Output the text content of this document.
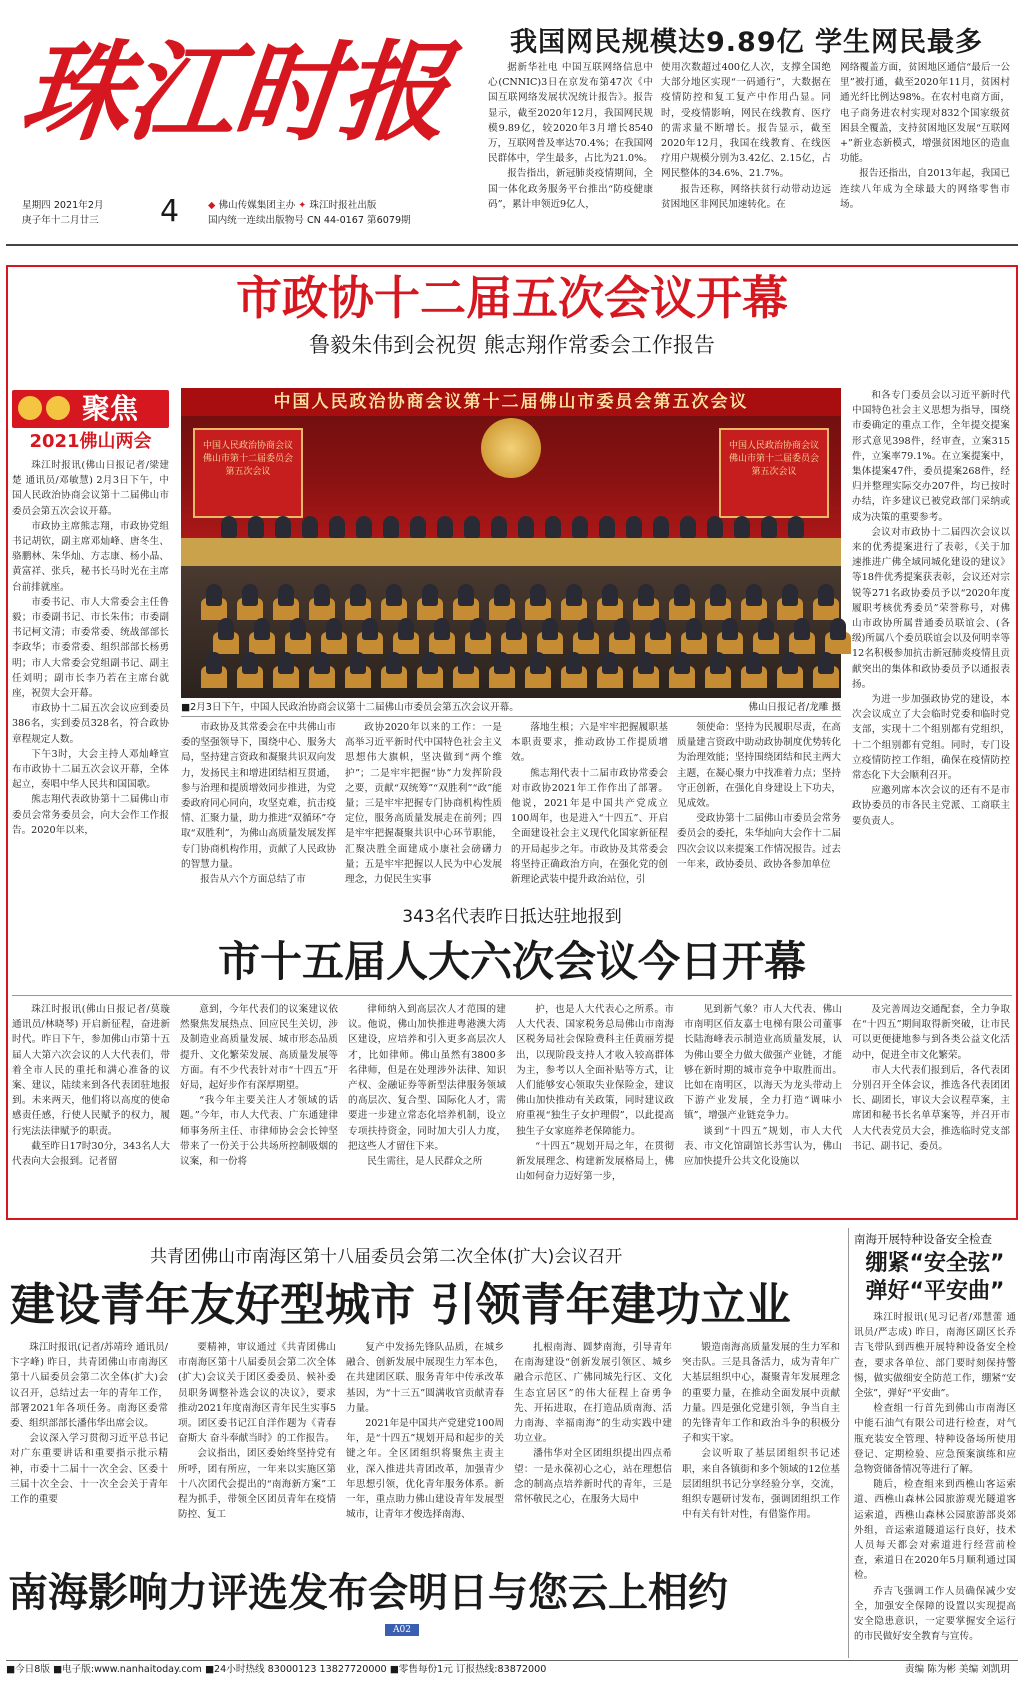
珠江时报	我国网民规模达9.89亿 学生网民最多

据新华社电 中国互联网络信息中心(CNNIC)3日在京发布第47次《中国互联网络发展状况统计报告》。报告显示，截至2020年12月，我国网民规模9.89亿，较2020年3月增长8540万，互联网普及率达70.4%；在我国网民群体中，学生最多，占比为21.0%。

报告指出，新冠肺炎疫情期间，全国一体化政务服务平台推出“防疫健康码”，累计申领近9亿人，

使用次数超过400亿人次，支撑全国绝大部分地区实现“一码通行”，大数据在疫情防控和复工复产中作用凸显。同时，受疫情影响，网民在线教育、医疗的需求量不断增长。报告显示，截至2020年12月，我国在线教育、在线医疗用户规模分别为3.42亿、2.15亿，占网民整体的34.6%、21.7%。

报告还称，网络扶贫行动带动边远贫困地区非网民加速转化。在

网络覆盖方面，贫困地区通信“最后一公里”被打通，截至2020年11月，贫困村通光纤比例达98%。在农村电商方面，电子商务进农村实现对832个国家级贫困县全覆盖，支持贫困地区发展“互联网+”新业态新模式，增强贫困地区的造血功能。

报告还指出，自2013年起，我国已连续八年成为全球最大的网络零售市场。

星期四 2021年2月
庚子年十二月廿三	4	◆ 佛山传媒集团主办 ✦ 珠江时报社出版
国内统一连续出版物号 CN 44-0167 第6079期
市政协十二届五次会议开幕
鲁毅朱伟到会祝贺 熊志翔作常委会工作报告
聚焦
2021佛山两会

珠江时报讯(佛山日报记者/梁建楚 通讯员/邓敏慧) 2月3日下午，中国人民政治协商会议第十二届佛山市委员会第五次会议开幕。

市政协主席熊志翔，市政协党组书记胡钦，副主席邓灿峰、唐冬生、骆鹏林、朱华灿、方志康、杨小晶、黄富祥、张兵，秘书长马时光在主席台前排就座。

市委书记、市人大常委会主任鲁毅；市委副书记、市长朱伟；市委副书记柯文清；市委常委、统战部部长李政华；市委常委、组织部部长杨勇明；市人大常委会党组副书记、副主任刘明；副市长李乃若在主席台就座，祝贺大会开幕。

市政协十二届五次会议应到委员386名，实到委员328名，符合政协章程规定人数。

下午3时，大会主持人邓灿峰宣布市政协十二届五次会议开幕，全体起立，奏唱中华人民共和国国歌。

熊志翔代表政协第十二届佛山市委员会常务委员会，向大会作工作报告。2020年以来，

中国人民政治协商会议第十二届佛山市委员会第五次会议
中国人民政治协商会议佛山市第十二届委员会第五次会议
中国人民政治协商会议佛山市第十二届委员会第五次会议
■2月3日下午，中国人民政治协商会议第十二届佛山市委员会第五次会议开幕。	佛山日报记者/龙雕 摄

市政协及其常委会在中共佛山市委的坚强领导下，围绕中心、服务大局，坚持建言资政和凝聚共识双向发力，发扬民主和增进团结相互贯通，参与治理和提质增效同步推进，为党委政府同心同向，攻坚克难，抗击疫情、汇聚力量，助力推进“双循环”夺取“双胜利”，为佛山高质量发展发挥专门协商机构作用，贡献了人民政协的智慧力量。

报告从六个方面总结了市

政协2020年以来的工作：一是高举习近平新时代中国特色社会主义思想伟大旗帜，坚决做到“两个维护”；二是牢牢把握“协”力发挥阶段之要，贡献“双统筹”“双胜利”“政”能量；三是牢牢把握专门协商机构性质定位，服务高质量发展走在前列；四是牢牢把握凝聚共识中心环节职能，汇聚决胜全面建成小康社会磅礴力量；五是牢牢把握以人民为中心发展理念，力促民生实事

落地生根；六是牢牢把握履职基本职责要求，推动政协工作提质增效。

熊志翔代表十二届市政协常委会对市政协2021年工作作出了部署。他说，2021年是中国共产党成立100周年，也是进入“十四五”、开启全面建设社会主义现代化国家新征程的开局起步之年。市政协及其常委会将坚持正确政治方向，在强化党的创新理论武装中提升政治站位，引

领使命：坚持为民履职尽责，在高质量建言资政中助动政协制度优势转化为治理效能；坚持围绕团结和民主两大主题，在凝心聚力中找准着力点；坚持守正创新，在强化自身建设上下功夫，见成效。

受政协第十二届佛山市委员会常务委员会的委托，朱华灿向大会作十二届四次会议以来提案工作情况报告。过去一年来，政协委员、政协各参加单位

和各专门委员会以习近平新时代中国特色社会主义思想为指导，围绕市委确定的重点工作，全年提交提案形式意见398件，经审查，立案315件，立案率79.1%。在立案提案中，集体提案47件，委员提案268件，经归并整理实际交办207件，均已按时办结，许多建议已被党政部门采纳或成为决策的重要参考。

会议对市政协十二届四次会议以来的优秀提案进行了表彰，《关于加速推进广佛全域同城化建设的建议》等18件优秀提案获表彰，会议还对宗锐等271名政协委员予以“2020年度履职考核优秀委员”荣誉称号，对佛山市政协所属普通委员联谊会、(各级)所属八个委员联谊会以及何明幸等12名积极参加抗击新冠肺炎疫情且贡献突出的集体和政协委员予以通报表扬。

为进一步加强政协党的建设，本次会议成立了大会临时党委和临时党支部，实现十二个组别都有党组织，十二个组别都有党组。同时，专门设立疫情防控工作组，确保在疫情防控常态化下大会顺利召开。

应邀列席本次会议的还有不是市政协委员的市各民主党派、工商联主要负责人。

343名代表昨日抵达驻地报到
市十五届人大六次会议今日开幕

珠江时报讯(佛山日报记者/莫璇 通讯员/林晓琴) 开启新征程，奋进新时代。昨日下午，参加佛山市第十五届人大第六次会议的人大代表们，带着全市人民的重托和满心准备的议案、建议，陆续来到各代表团驻地报到。未来两天，他们将以高度的使命感责任感，行使人民赋予的权力，履行宪法法律赋予的职责。

截至昨日17时30分，343名人大代表向大会报到。记者留

意到，今年代表们的议案建议依然聚焦发展热点、回应民生关切，涉及制造业高质量发展、城市形态品质提升、文化繁荣发展、高质量发展等方面。有不少代表针对市“十四五”开好局，起好步作有深厚期望。

“我今年主要关注人才领域的话题。”今年，市人大代表、广东通建律师事务所主任、市律师协会会长钟坚带来了一份关于公共场所控制吸烟的议案，和一份将

律师纳入到高层次人才范围的建议。他说，佛山加快推进粤港澳大湾区建设，应培养和引入更多高层次人才，比如律师。佛山虽然有3800多名律师，但是在处理涉外法律、知识产权、金融证券等新型法律服务领域的高层次、复合型、国际化人才，需要进一步建立常态化培养机制，设立专项扶持资金，同时加大引人力度，把这些人才留住下来。

民生需往，是人民群众之所

护，也是人大代表心之所系。市人大代表、国家税务总局佛山市南海区税务局社会保险费科主任黄丽芳提出，以现阶段支持人才收入较高群体为主，参考以人全面补贴等方式，让人们能够安心领取失业保险金，建议佛山加快推动有关政策，同时建议政府重视“独生子女护理假”，以此提高独生子女家庭养老保障能力。

“十四五”规划开局之年，在贯彻新发展理念、构建新发展格局上，佛山如何奋力迈好第一步，

见到新气象？市人大代表、佛山市南明区佰友嘉士电梯有限公司董事长陆海峰表示制造业高质量发展，认为佛山要全力做大做强产业链，才能够在新时期的城市竞争中取胜而出。比如在南明区，以海天为龙头带动上下游产业发展，全力打造“调味小镇”，增强产业链竞争力。

谈到“十四五”规划，市人大代表、市文化馆副馆长苏雪认为，佛山应加快提升公共文化设施以

及完善周边交通配套，全力争取在“十四五”期间取得新突破，让市民可以更便捷地参与到各类公益文化活动中，促进全市文化繁荣。

市人大代表们报到后，各代表团分别召开全体会议，推选各代表团团长、副团长，审议大会议程草案，主席团和秘书长名单草案等，并召开市人大代表党员大会，推选临时党支部书记、副书记、委员。

共青团佛山市南海区第十八届委员会第二次全体(扩大)会议召开
建设青年友好型城市 引领青年建功立业

珠江时报讯(记者/苏靖玲 通讯员/卞字峰) 昨日，共青团佛山市南海区第十八届委员会第二次全体(扩大)会议召开，总结过去一年的青年工作，部署2021年各项任务。南海区委常委、组织部部长潘伟华出席会议。

会议深入学习贯彻习近平总书记对广东重要讲话和重要指示批示精神，市委十二届十一次全会、区委十三届十次全会、十一次全会关于青年工作的重要

要精神，审议通过《共青团佛山市南海区第十八届委员会第二次全体(扩大)会议关于团区委委员、候补委员职务调整补选会议的决议》，要求推动2021年度南海区青年民生实事5项。团区委书记江自洋作题为《青春奋斯大 奋斗奉献当时》的工作报告。

会议指出，团区委始终坚持党有所呼，团有所应，一年来以实施区第十八次团代会提出的“南海新方案”工程为抓手，带领全区团员青年在疫情防控、复工

复产中发扬先锋队品质，在城乡融合、创新发展中展现生力军本色，在共建团区联、服务青年中传承改革基因，为“十三五”圆满收官贡献青春力量。

2021年是中国共产党建党100周年，是“十四五”规划开局和起步的关键之年。全区团组织将聚焦主责主业，深入推进共青团改革，加强青少年思想引领，优化青年服务体系。新一年，重点助力佛山建设青年发展型城市，让青年才俊选择南海、

扎根南海、圆梦南海，引导青年在南海建设“创新发展引领区、城乡融合示范区、广佛同城先行区、文化生态宜居区”的伟大征程上奋勇争先、开拓进取，在打造品质南海、活力南海、幸福南海”的生动实践中建功立业。

潘伟华对全区团组织提出四点希望：一是永葆初心之心，站在理想信念的制高点培养新时代的青年，三是常怀敬民之心，在服务大局中

锻造南海高质量发展的生力军和突击队。三是具备活力，成为青年广大基层组织中心，凝聚青年发展理念的重要力量，在推动全面发展中贡献力量。四是强化党建引领，争当自主的先锋青年工作和政治斗争的积极分子和实干家。

会议听取了基层团组织书记述职，来自各镇街和多个领域的12位基层团组织书记分享经验分享，交流，组织专题研讨发布，强调团组织工作中有关有针对性，有借鉴作用。

南海影响力评选发布会明日与您云上相约
A02
南海开展特种设备安全检查
绷紧“安全弦”
弹好“平安曲”

珠江时报讯(见习记者/邓慧蕾 通讯员/严志成) 昨日，南海区副区长乔吉飞带队到西樵开展特种设备安全检查，要求各单位、部门要时刻保持警惕，做实做细安全防范工作，绷紧“安全弦”，弹好“平安曲”。

检查组一行首先到佛山市南海区中能石油气有限公司进行检查，对气瓶充装安全管理、特种设备场所使用登记、定期检验、应急预案演练和应急物资储备情况等进行了解。

随后，检查组来到西樵山客运索道、西樵山森林公园旅游观光隧道客运索道，西樵山森林公园旅游部炎郊外组，音运索道隧道运行良好，技术人员每天都会对索道进行经营前检查，索道日在2020年5月顺利通过国检。

乔吉飞强调工作人员确保减少安全，加强安全保障的设置以实现提高安全隐患意识，一定要掌握安全运行的市民做好安全教育与宣传。

■今日8版 ■电子版:www.nanhaitoday.com ■24小时热线 83000123 13827720000 ■零售每份1元 订报热线:83872000	责编 陈为彬 美编 刘凯玥
